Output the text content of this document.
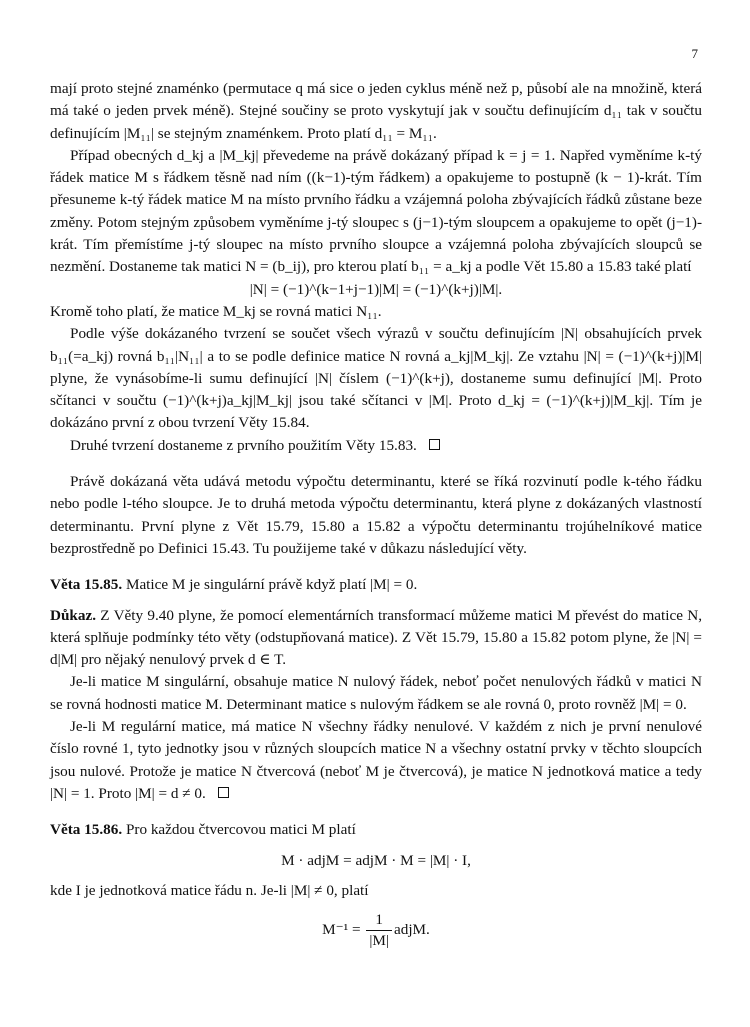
7

mají proto stejné znaménko (permutace q má sice o jeden cyklus méně než p, působí ale na množině, která má také o jeden prvek méně). Stejné součiny se proto vyskytují jak v součtu definujícím d₁₁ tak v součtu definujícím |M₁₁| se stejným znaménkem. Proto platí d₁₁ = M₁₁.

Případ obecných d_kj a |M_kj| převedeme na právě dokázaný případ k = j = 1. Napřed vyměníme k-tý řádek matice M s řádkem těsně nad ním ((k−1)-tým řádkem) a opakujeme to postupně (k − 1)-krát. Tím přesuneme k-tý řádek matice M na místo prvního řádku a vzájemná poloha zbývajících řádků zůstane beze změny. Potom stejným způsobem vyměníme j-tý sloupec s (j−1)-tým sloupcem a opakujeme to opět (j−1)-krát. Tím přemístíme j-tý sloupec na místo prvního sloupce a vzájemná poloha zbývajících sloupců se nezmění. Dostaneme tak matici N = (b_ij), pro kterou platí b₁₁ = a_kj a podle Vět 15.80 a 15.83 také platí

|N| = (−1)^(k−1+j−1)|M| = (−1)^(k+j)|M|.

Kromě toho platí, že matice M_kj se rovná matici N₁₁.

Podle výše dokázaného tvrzení se součet všech výrazů v součtu definujícím |N| obsahujících prvek b₁₁(=a_kj) rovná b₁₁|N₁₁| a to se podle definice matice N rovná a_kj|M_kj|. Ze vztahu |N| = (−1)^(k+j)|M| plyne, že vynásobíme-li sumu definující |N| číslem (−1)^(k+j), dostaneme sumu definující |M|. Proto sčítanci v součtu (−1)^(k+j)a_kj|M_kj| jsou také sčítanci v |M|. Proto d_kj = (−1)^(k+j)|M_kj|. Tím je dokázáno první z obou tvrzení Věty 15.84.

Druhé tvrzení dostaneme z prvního použitím Věty 15.83.

Právě dokázaná věta udává metodu výpočtu determinantu, které se říká rozvinutí podle k-tého řádku nebo podle l-tého sloupce. Je to druhá metoda výpočtu determinantu, která plyne z dokázaných vlastností determinantu. První plyne z Vět 15.79, 15.80 a 15.82 a výpočtu determinantu trojúhelníkové matice bezprostředně po Definici 15.43. Tu použijeme také v důkazu následující věty.

Věta 15.85. Matice M je singulární právě když platí |M| = 0.

Důkaz. Z Věty 9.40 plyne, že pomocí elementárních transformací můžeme matici M převést do matice N, která splňuje podmínky této věty (odstupňovaná matice). Z Vět 15.79, 15.80 a 15.82 potom plyne, že |N| = d|M| pro nějaký nenulový prvek d ∈ T.

Je-li matice M singulární, obsahuje matice N nulový řádek, neboť počet nenulových řádků v matici N se rovná hodnosti matice M. Determinant matice s nulovým řádkem se ale rovná 0, proto rovněž |M| = 0.

Je-li M regulární matice, má matice N všechny řádky nenulové. V každém z nich je první nenulové číslo rovné 1, tyto jednotky jsou v různých sloupcích matice N a všechny ostatní prvky v těchto sloupcích jsou nulové. Protože je matice N čtvercová (neboť M je čtvercová), je matice N jednotková matice a tedy |N| = 1. Proto |M| = d ≠ 0.

Věta 15.86. Pro každou čtvercovou matici M platí

M · adjM = adjM · M = |M| · I,

kde I je jednotková matice řádu n. Je-li |M| ≠ 0, platí

$M^{-1} = \frac{1}{|M|}$ adjM.
